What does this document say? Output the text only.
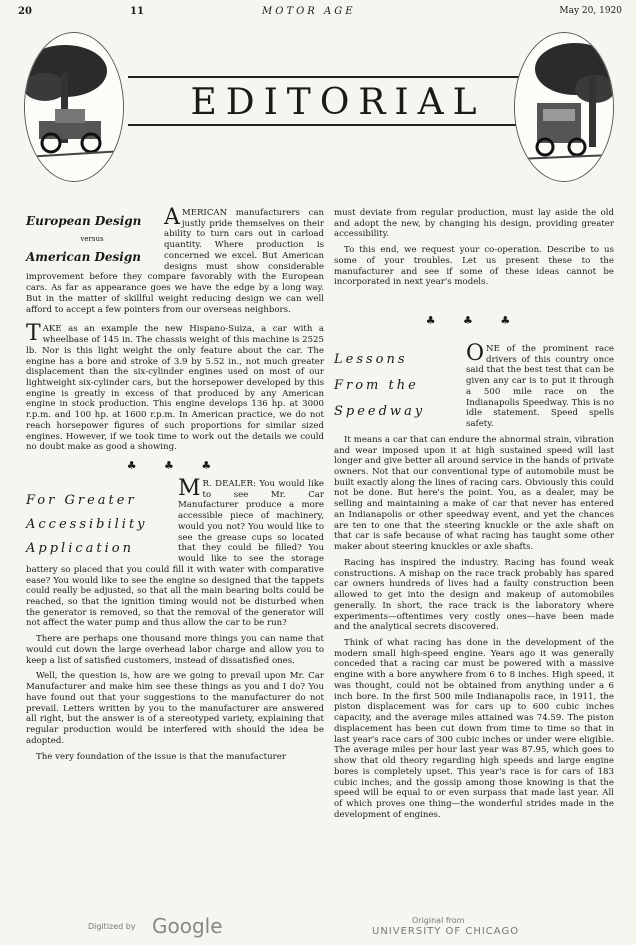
20	11	MOTOR AGE	May 20, 1920
EDITORIAL
European Design
versus
American Design

AMERICAN manufacturers can justly pride themselves on their ability to turn cars out in carload quantity. Where production is concerned we excel. But American designs must show considerable improvement before they compare favorably with the European cars. As far as appearance goes we have the edge by a long way. But in the matter of skillful weight reducing design we can well afford to accept a few pointers from our overseas neighbors.

TAKE as an example the new Hispano-Suiza, a car with a wheelbase of 145 in. The chassis weight of this machine is 2525 lb. Nor is this light weight the only feature about the car. The engine has a bore and stroke of 3.9 by 5.52 in., not much greater displacement than the six-cylinder engines used on most of our lightweight six-cylinder cars, but the horsepower developed by this engine is greatly in excess of that produced by any American engine in stock production. This engine develops 136 hp. at 3000 r.p.m. and 100 hp. at 1600 r.p.m. In American practice, we do not reach horsepower figures of such proportions for similar sized engines. However, if we took time to work out the details we could no doubt make as good a showing.

♣ ♣ ♣
For Greater
Accessibility
Application

M R. DEALER: You would like to see Mr. Car Manufacturer produce a more accessible piece of machinery, would you not? You would like to see the grease cups so located that they could be filled? You would like to see the storage battery so placed that you could fill it with water with comparative ease? You would like to see the engine so designed that the tappets could really be adjusted, so that all the main bearing bolts could be reached, so that the ignition timing would not be disturbed when the generator is removed, so that the removal of the generator will not affect the water pump and thus allow the car to be run?

There are perhaps one thousand more things you can name that would cut down the large overhead labor charge and allow you to keep a list of satisfied customers, instead of dissatisfied ones.

Well, the question is, how are we going to prevail upon Mr. Car Manufacturer and make him see these things as you and I do? You have found out that your suggestions to the manufacturer do not prevail. Letters written by you to the manufacturer are answered all right, but the answer is of a stereotyped variety, explaining that regular production would be interfered with should the idea be adopted.

The very foundation of the issue is that the manufacturer

must deviate from regular production, must lay aside the old and adopt the new, by changing his design, providing greater accessibility.

To this end, we request your co-operation. Describe to us some of your troubles. Let us present these to the manufacturer and see if some of these ideas cannot be incorporated in next year's models.

♣ ♣ ♣
Lessons
From the
Speedway

ONE of the prominent race drivers of this country once said that the best test that can be given any car is to put it through a 500 mile race on the Indianapolis Speedway. This is no idle statement. Speed spells safety.

It means a car that can endure the abnormal strain, vibration and wear imposed upon it at high sustained speed will last longer and give better all around service in the hands of private owners. Not that our conventional type of automobile must be built exactly along the lines of racing cars. Obviously this could not be done. But here's the point. You, as a dealer, may be selling and maintaining a make of car that never has entered an Indianapolis or other speedway event, and yet the chances are ten to one that the steering knuckle or the axle shaft on that car is safe because of what racing has taught some other maker about steering knuckles or axle shafts.

Racing has inspired the industry. Racing has found weak constructions. A mishap on the race track probably has spared car owners hundreds of lives had a faulty construction been allowed to get into the design and makeup of automobiles generally. In short, the race track is the laboratory where experiments—oftentimes very costly ones—have been made and the analytical secrets discovered.

Think of what racing has done in the development of the modern small high-speed engine. Years ago it was generally conceded that a racing car must be powered with a massive engine with a bore anywhere from 6 to 8 inches. High speed, it was thought, could not be obtained from anything under a 6 inch bore. In the first 500 mile Indianapolis race, in 1911, the piston displacement was for cars up to 600 cubic inches capacity, and the average miles attained was 74.59. The piston displacement has been cut down from time to time so that in last year's race cars of 300 cubic inches or under were eligible. The average miles per hour last year was 87.95, which goes to show that old theory regarding high speeds and large engine bores is completely upset. This year's race is for cars of 183 cubic inches, and the gossip among those knowing is that the speed will be equal to or even surpass that made last year. All of which proves one thing—the wonderful strides made in the development of engines.

Digitized by Google	Original from
UNIVERSITY OF CHICAGO
